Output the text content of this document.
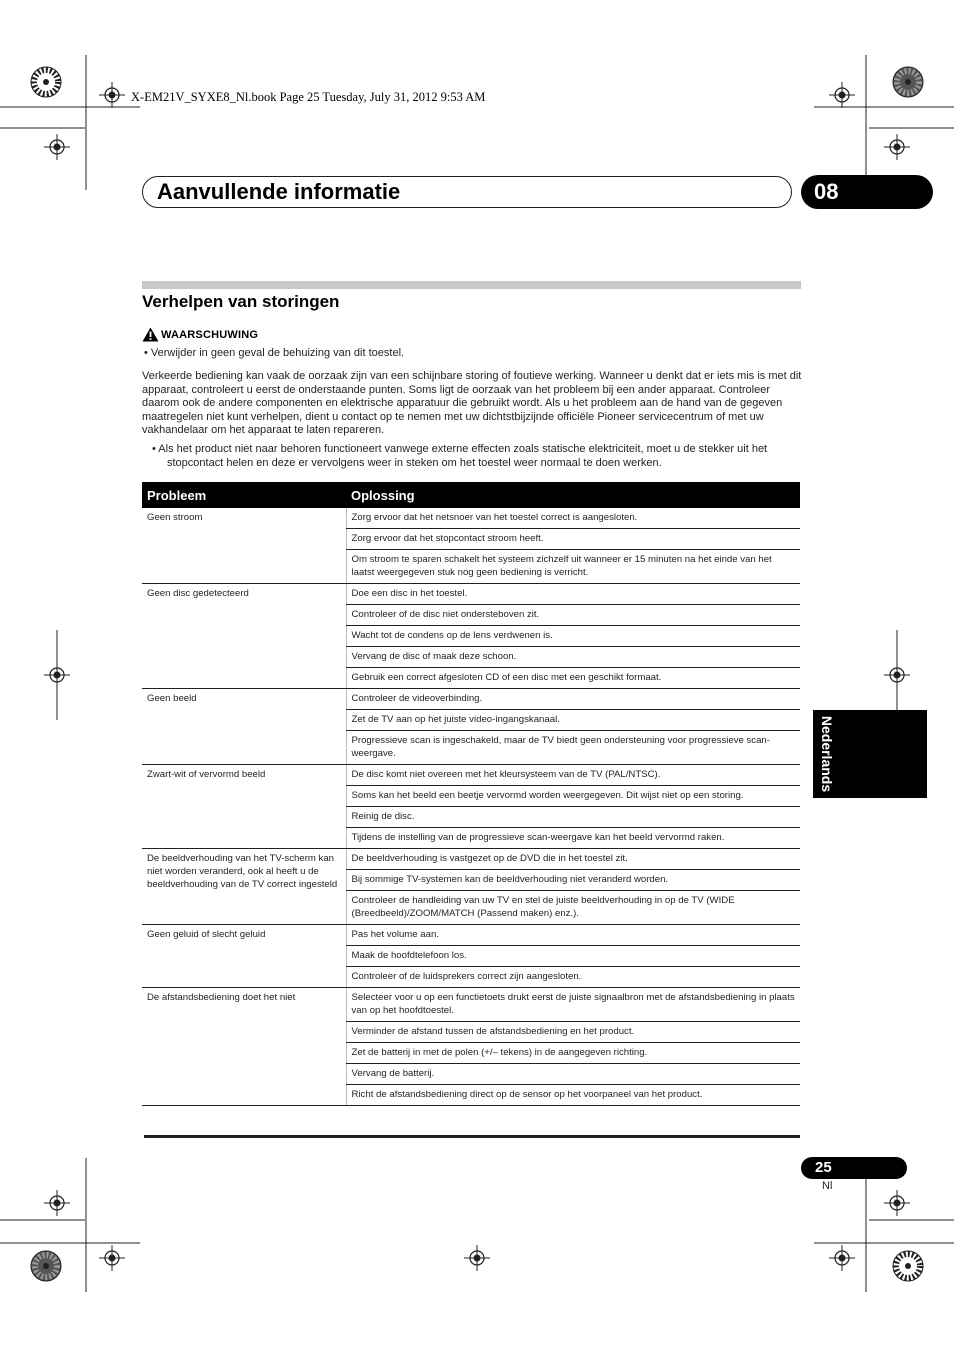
X-EM21V_SYXE8_Nl.book Page 25 Tuesday, July 31, 2012 9:53 AM
Aanvullende informatie	08
Verhelpen van storingen
WAARSCHUWING
• Verwijder in geen geval de behuizing van dit toestel.
Verkeerde bediening kan vaak de oorzaak zijn van een schijnbare storing of foutieve werking. Wanneer u denkt dat er iets mis is met dit apparaat, controleert u eerst de onderstaande punten. Soms ligt de oorzaak van het probleem bij een ander apparaat. Controleer daarom ook de andere componenten en elektrische apparatuur die gebruikt wordt. Als u het probleem aan de hand van de gegeven maatregelen niet kunt verhelpen, dient u contact op te nemen met uw dichtstbijzijnde officiële Pioneer servicecentrum of met uw vakhandelaar om het apparaat te laten repareren.
• Als het product niet naar behoren functioneert vanwege externe effecten zoals statische elektriciteit, moet u de stekker uit het stopcontact helen en deze er vervolgens weer in steken om het toestel weer normaal te doen werken.
Probleem	Oplossing
Geen stroom	Zorg ervoor dat het netsnoer van het toestel correct is aangesloten.
	Zorg ervoor dat het stopcontact stroom heeft.
	Om stroom te sparen schakelt het systeem zichzelf uit wanneer er 15 minuten na het einde van het laatst weergegeven stuk nog geen bediening is verricht.
Geen disc gedetecteerd	Doe een disc in het toestel.
	Controleer of de disc niet ondersteboven zit.
	Wacht tot de condens op de lens verdwenen is.
	Vervang de disc of maak deze schoon.
	Gebruik een correct afgesloten CD of een disc met een geschikt formaat.
Geen beeld	Controleer de videoverbinding.
	Zet de TV aan op het juiste video-ingangskanaal.
	Progressieve scan is ingeschakeld, maar de TV biedt geen ondersteuning voor progressieve scan-weergave.
Zwart-wit of vervormd beeld	De disc komt niet overeen met het kleursysteem van de TV (PAL/NTSC).
	Soms kan het beeld een beetje vervormd worden weergegeven. Dit wijst niet op een storing.
	Reinig de disc.
	Tijdens de instelling van de progressieve scan-weergave kan het beeld vervormd raken.
De beeldverhouding van het TV-scherm kan niet worden veranderd, ook al heeft u de beeldverhouding van de TV correct ingesteld	De beeldverhouding is vastgezet op de DVD die in het toestel zit.
	Bij sommige TV-systemen kan de beeldverhouding niet veranderd worden.
	Controleer de handleiding van uw TV en stel de juiste beeldverhouding in op de TV (WIDE (Breedbeeld)/ZOOM/MATCH (Passend maken) enz.).
Geen geluid of slecht geluid	Pas het volume aan.
	Maak de hoofdtelefoon los.
	Controleer of de luidsprekers correct zijn aangesloten.
De afstandsbediening doet het niet	Selecteer voor u op een functietoets drukt eerst de juiste signaalbron met de afstandsbediening in plaats van op het hoofdtoestel.
	Verminder de afstand tussen de afstandsbediening en het product.
	Zet de batterij in met de polen (+/– tekens) in de aangegeven richting.
	Vervang de batterij.
	Richt de afstandsbediening direct op de sensor op het voorpaneel van het product.
Nederlands
25
Nl
